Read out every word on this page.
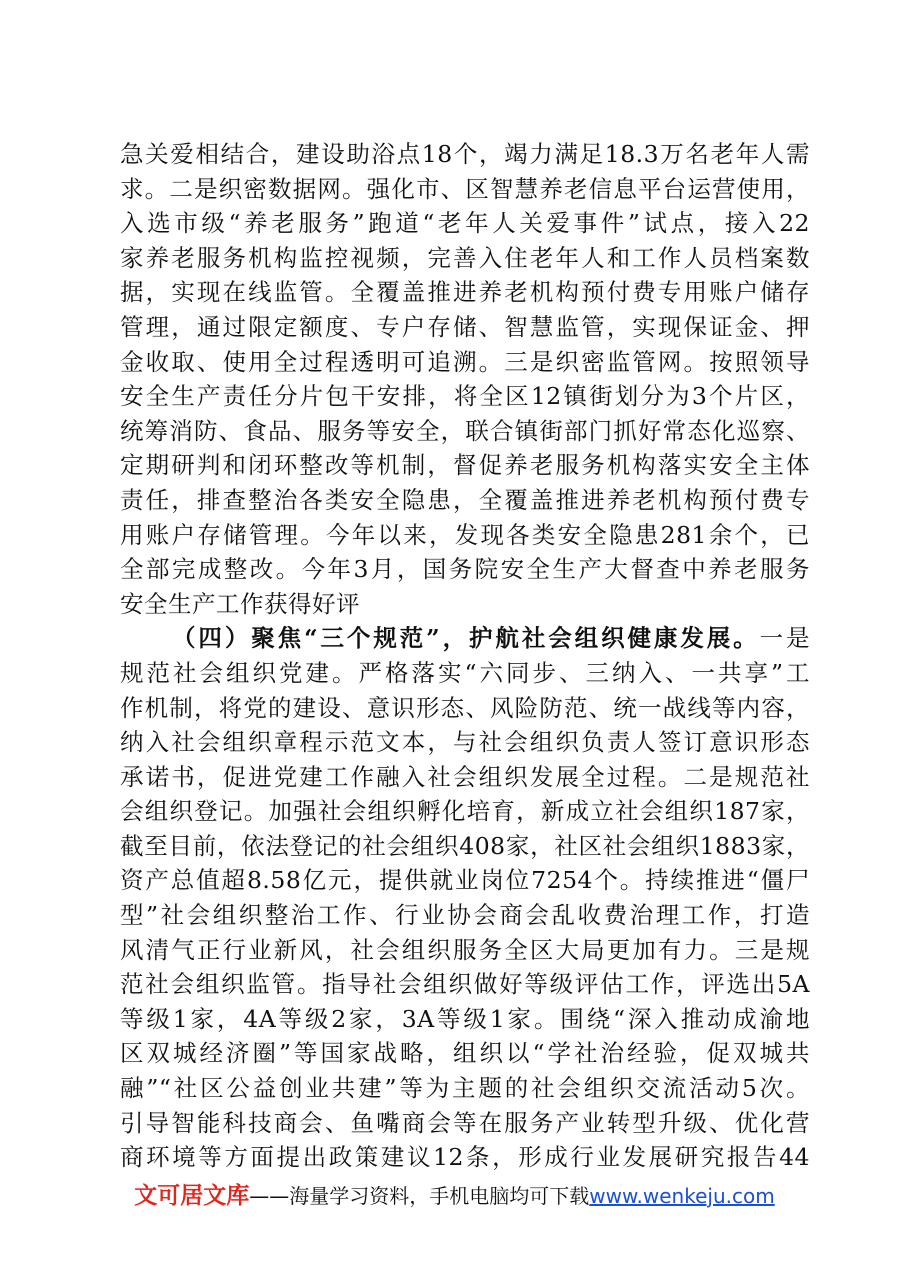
急关爱相结合，建设助浴点18个，竭力满足18.3万名老年人需
求。二是织密数据网。强化市、区智慧养老信息平台运营使用，
入选市级“养老服务”跑道“老年人关爱事件”试点，接入22
家养老服务机构监控视频，完善入住老年人和工作人员档案数
据，实现在线监管。全覆盖推进养老机构预付费专用账户储存
管理，通过限定额度、专户存储、智慧监管，实现保证金、押
金收取、使用全过程透明可追溯。三是织密监管网。按照领导
安全生产责任分片包干安排，将全区12镇街划分为3个片区，
统筹消防、食品、服务等安全，联合镇街部门抓好常态化巡察、
定期研判和闭环整改等机制，督促养老服务机构落实安全主体
责任，排查整治各类安全隐患，全覆盖推进养老机构预付费专
用账户存储管理。今年以来，发现各类安全隐患281余个，已
全部完成整改。今年3月，国务院安全生产大督查中养老服务
安全生产工作获得好评
（四）聚焦“三个规范”，护航社会组织健康发展。一是
规范社会组织党建。严格落实“六同步、三纳入、一共享”工
作机制，将党的建设、意识形态、风险防范、统一战线等内容，
纳入社会组织章程示范文本，与社会组织负责人签订意识形态
承诺书，促进党建工作融入社会组织发展全过程。二是规范社
会组织登记。加强社会组织孵化培育，新成立社会组织187家，
截至目前，依法登记的社会组织408家，社区社会组织1883家，
资产总值超8.58亿元，提供就业岗位7254个。持续推进“僵尸
型”社会组织整治工作、行业协会商会乱收费治理工作，打造
风清气正行业新风，社会组织服务全区大局更加有力。三是规
范社会组织监管。指导社会组织做好等级评估工作，评选出5A
等级1家，4A等级2家，3A等级1家。围绕“深入推动成渝地
区双城经济圈”等国家战略，组织以“学社治经验，促双城共
融”“社区公益创业共建”等为主题的社会组织交流活动5次。
引导智能科技商会、鱼嘴商会等在服务产业转型升级、优化营
商环境等方面提出政策建议12条，形成行业发展研究报告44
文可居文库——海量学习资料，手机电脑均可下载www.wenkeju.com
